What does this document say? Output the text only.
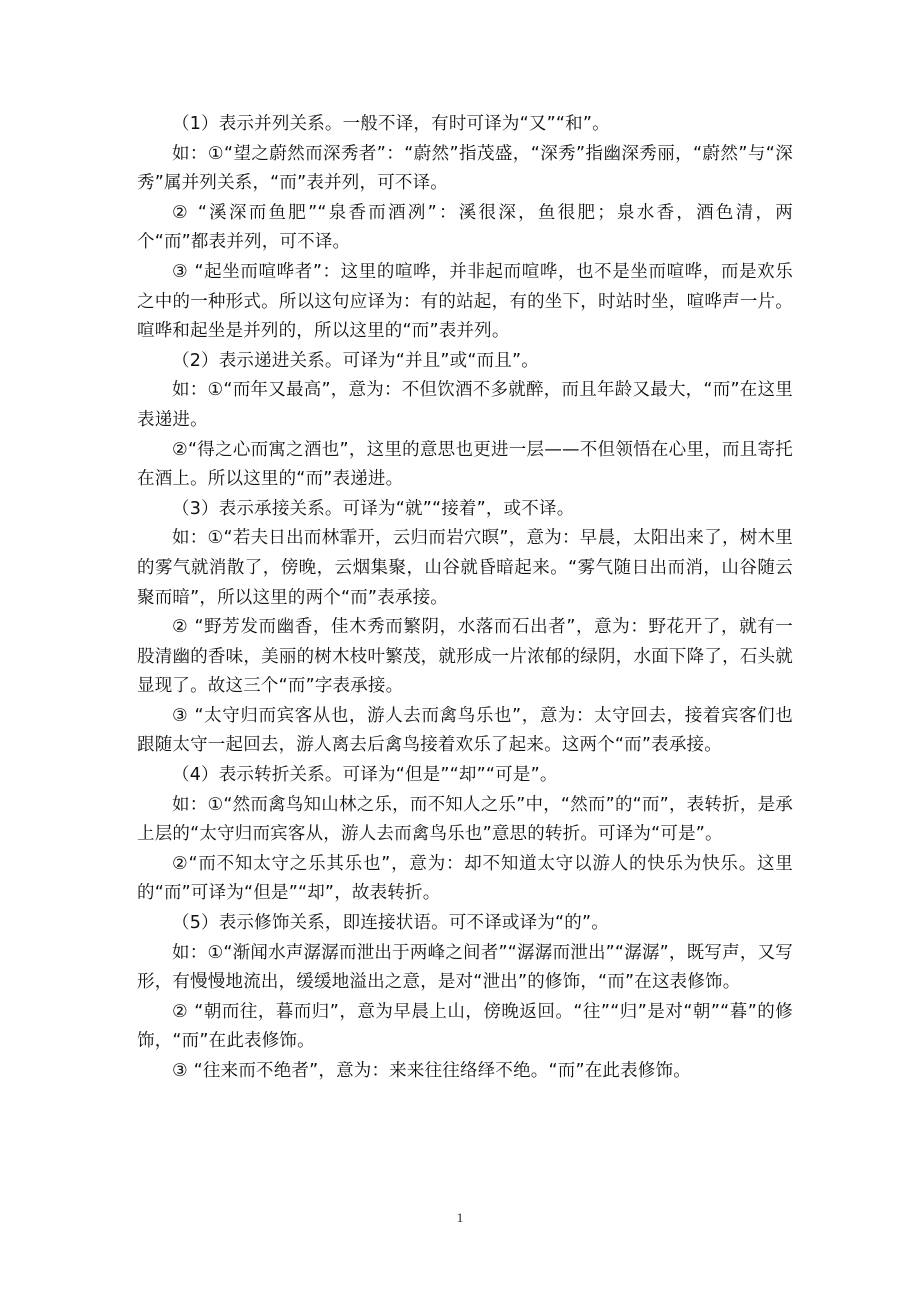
（1）表示并列关系。一般不译，有时可译为“又”“和”。

如：①“望之蔚然而深秀者”：“蔚然”指茂盛，“深秀”指幽深秀丽，“蔚然”与“深秀”属并列关系，“而”表并列，可不译。

② “溪深而鱼肥”“泉香而酒冽”：溪很深，鱼很肥；泉水香，酒色清，两个“而”都表并列，可不译。

③ “起坐而喧哗者”：这里的喧哗，并非起而喧哗，也不是坐而喧哗，而是欢乐之中的一种形式。所以这句应译为：有的站起，有的坐下，时站时坐，喧哗声一片。喧哗和起坐是并列的，所以这里的“而”表并列。

（2）表示递进关系。可译为“并且”或“而且”。

如：①“而年又最高”，意为：不但饮酒不多就醉，而且年龄又最大，“而”在这里表递进。

②“得之心而寓之酒也”，这里的意思也更进一层——不但领悟在心里，而且寄托在酒上。所以这里的“而”表递进。

（3）表示承接关系。可译为“就”“接着”，或不译。

如：①“若夫日出而林霏开，云归而岩穴暝”，意为：早晨，太阳出来了，树木里的雾气就消散了，傍晚，云烟集聚，山谷就昏暗起来。“雾气随日出而消，山谷随云聚而暗”，所以这里的两个“而”表承接。

② “野芳发而幽香，佳木秀而繁阴，水落而石出者”，意为：野花开了，就有一股清幽的香味，美丽的树木枝叶繁茂，就形成一片浓郁的绿阴，水面下降了，石头就显现了。故这三个“而”字表承接。

③ “太守归而宾客从也，游人去而禽鸟乐也”，意为：太守回去，接着宾客们也跟随太守一起回去，游人离去后禽鸟接着欢乐了起来。这两个“而”表承接。

（4）表示转折关系。可译为“但是”“却”“可是”。

如：①“然而禽鸟知山林之乐，而不知人之乐”中，“然而”的“而”，表转折，是承上层的“太守归而宾客从，游人去而禽鸟乐也”意思的转折。可译为“可是”。

②“而不知太守之乐其乐也”，意为：却不知道太守以游人的快乐为快乐。这里的“而”可译为“但是”“却”，故表转折。

（5）表示修饰关系，即连接状语。可不译或译为“的”。

如：①“渐闻水声潺潺而泄出于两峰之间者”“潺潺而泄出”“潺潺”，既写声，又写形，有慢慢地流出，缓缓地溢出之意，是对“泄出”的修饰，“而”在这表修饰。

② “朝而往，暮而归”，意为早晨上山，傍晚返回。“往”“归”是对“朝”“暮”的修饰，“而”在此表修饰。

③ “往来而不绝者”，意为：来来往往络绎不绝。“而”在此表修饰。

1
